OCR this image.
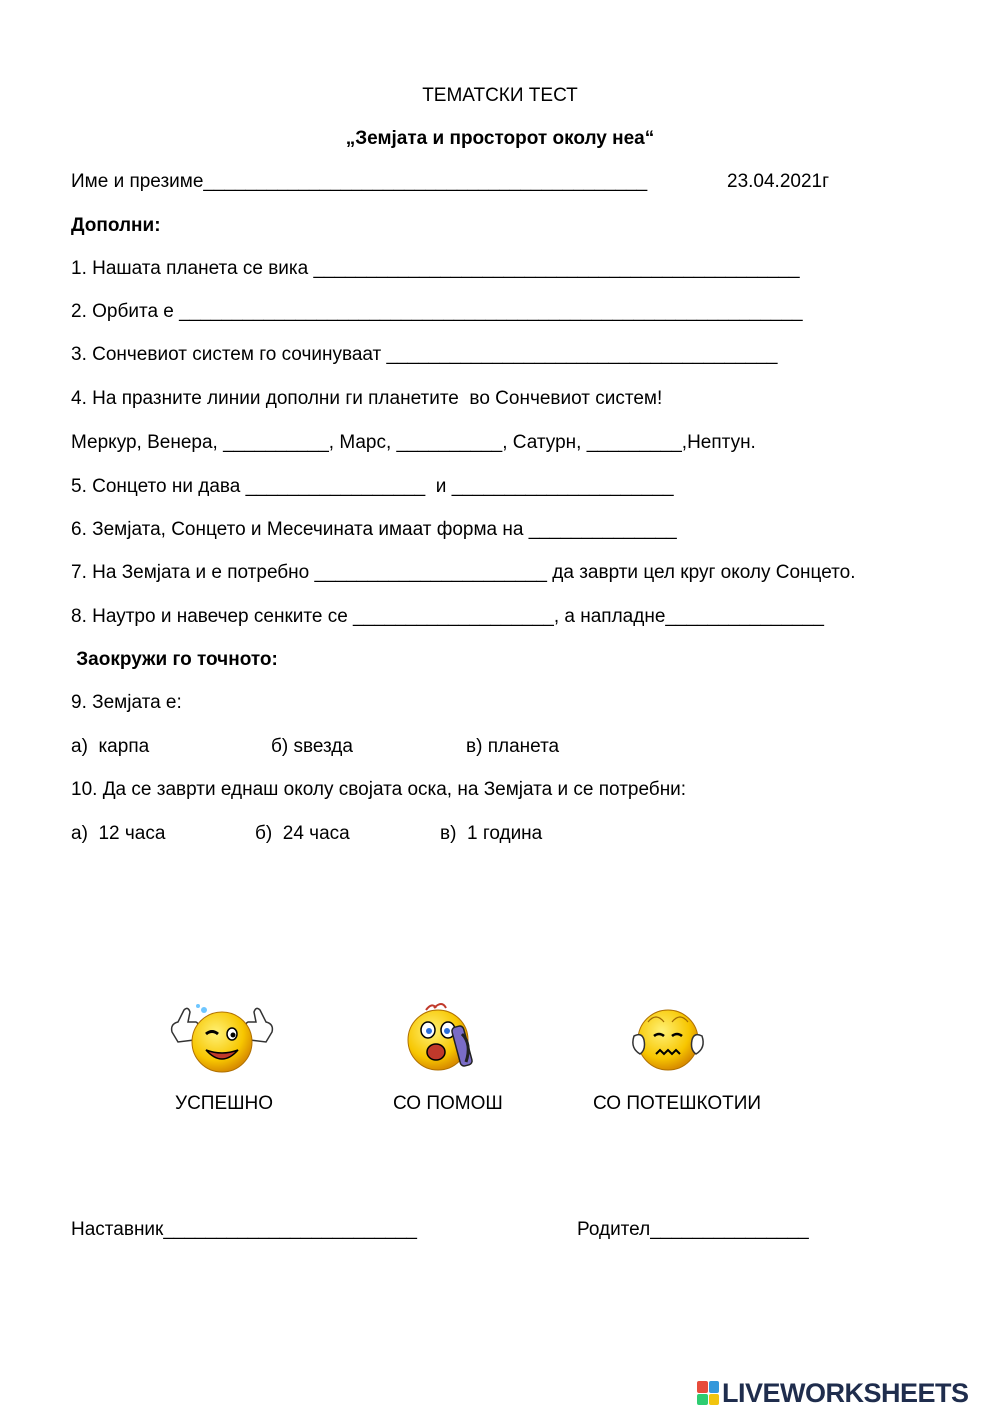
ТЕМАТСКИ ТЕСТ
„Земјата и просторот околу неа“
Име и презиме__________________________________________	23.04.2021г
Дополни:
1. Нашата планета се вика ______________________________________________
2. Орбита е ___________________________________________________________
3. Сончевиот систем го сочинуваат _____________________________________
4. На празните линии дополни ги планетите  во Сончевиот систем!
Меркур, Венера, __________, Марс, __________, Сатурн, _________,Нептун.
5. Сонцето ни дава _________________  и _____________________
6. Земјата, Сонцето и Месечината имаат форма на ______________
7. На Земјата и е потребно ______________________ да заврти цел круг околу Сонцето.
8. Наутро и навечер сенките се ___________________, а напладне_______________
Заокружи го точното:
9. Земјата е:
а)  карпа	б) ѕвезда	в) планета
10. Да се заврти еднаш околу својата оска, на Земјата и се потребни:
а)  12 часа	б)  24 часа	в)  1 година
УСПЕШНО	СО ПОМОШ	СО ПОТЕШКОТИИ
Наставник________________________	Родител_______________
LIVEWORKSHEETS
